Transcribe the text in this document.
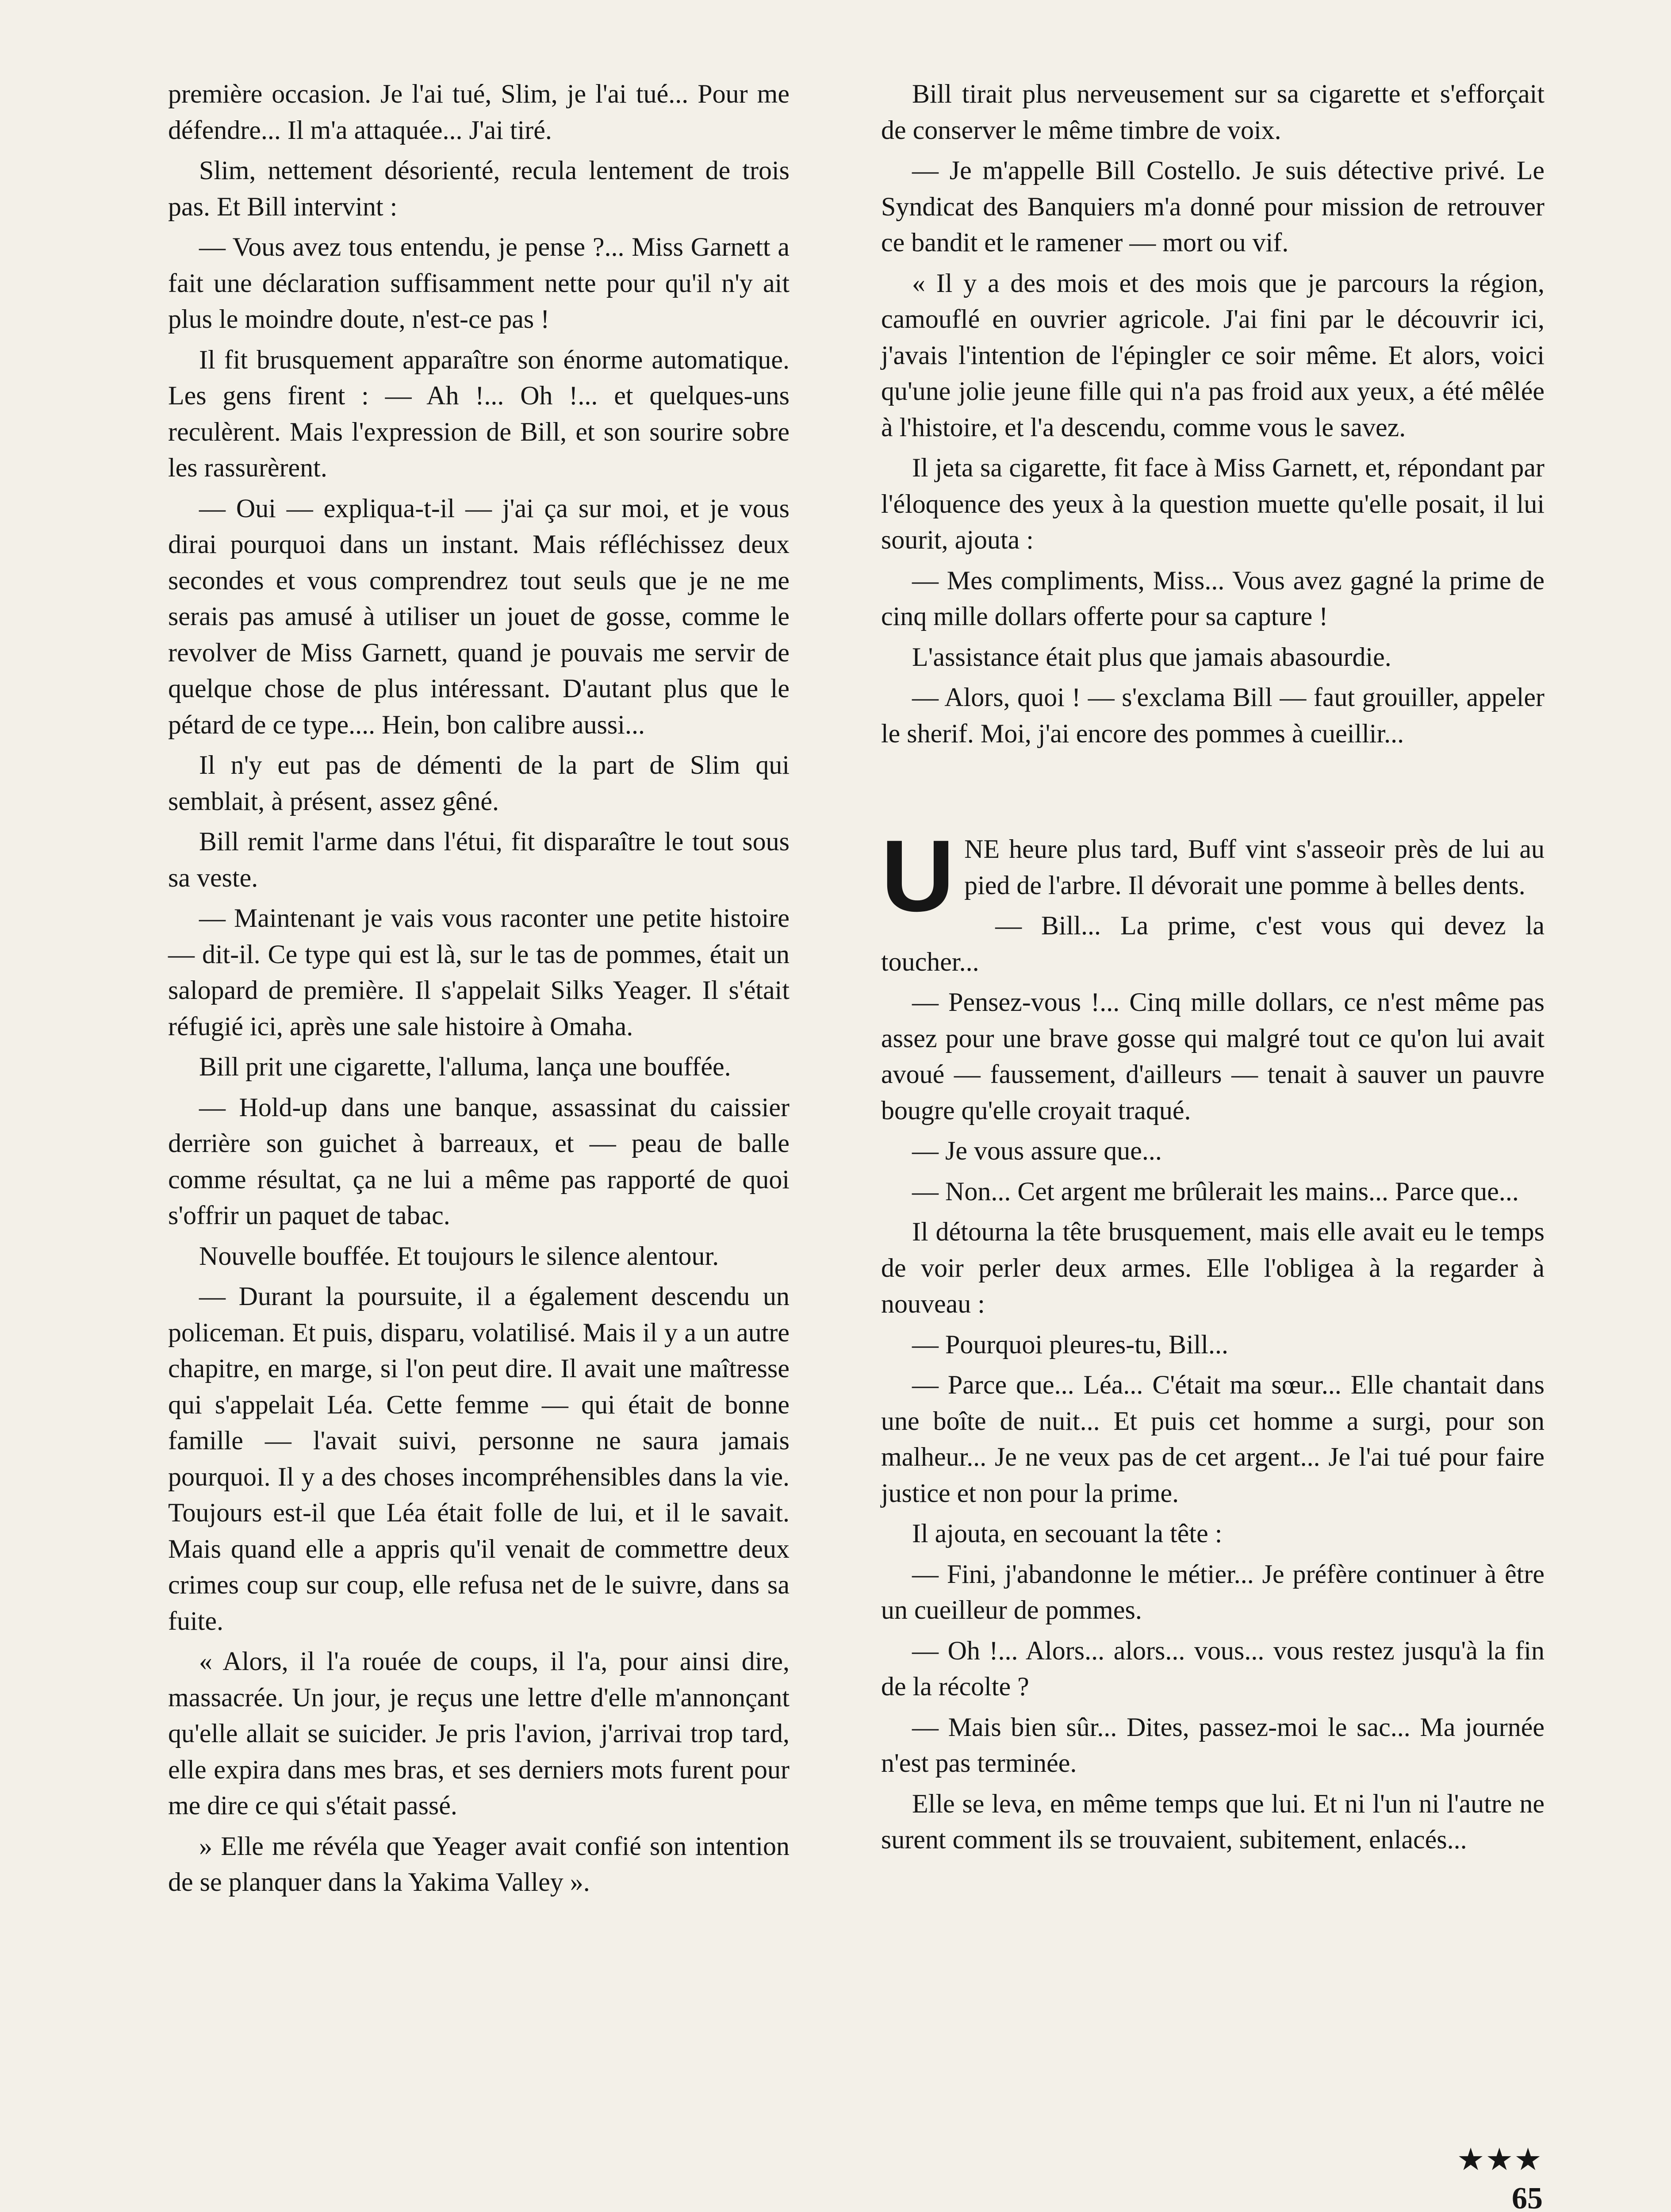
première occasion. Je l'ai tué, Slim, je l'ai tué... Pour me défendre... Il m'a attaquée... J'ai tiré.

Slim, nettement désorienté, recula lentement de trois pas. Et Bill intervint :

— Vous avez tous entendu, je pense ?... Miss Garnett a fait une déclaration suffisamment nette pour qu'il n'y ait plus le moindre doute, n'est-ce pas !

Il fit brusquement apparaître son énorme automatique. Les gens firent : — Ah !... Oh !... et quelques-uns reculèrent. Mais l'expression de Bill, et son sourire sobre les rassurèrent.

— Oui — expliqua-t-il — j'ai ça sur moi, et je vous dirai pourquoi dans un instant. Mais réfléchissez deux secondes et vous comprendrez tout seuls que je ne me serais pas amusé à utiliser un jouet de gosse, comme le revolver de Miss Garnett, quand je pouvais me servir de quelque chose de plus intéressant. D'autant plus que le pétard de ce type.... Hein, bon calibre aussi...

Il n'y eut pas de démenti de la part de Slim qui semblait, à présent, assez gêné.

Bill remit l'arme dans l'étui, fit disparaître le tout sous sa veste.

— Maintenant je vais vous raconter une petite histoire — dit-il. Ce type qui est là, sur le tas de pommes, était un salopard de première. Il s'appelait Silks Yeager. Il s'était réfugié ici, après une sale histoire à Omaha.

Bill prit une cigarette, l'alluma, lança une bouffée.

— Hold-up dans une banque, assassinat du caissier derrière son guichet à barreaux, et — peau de balle comme résultat, ça ne lui a même pas rapporté de quoi s'offrir un paquet de tabac.

Nouvelle bouffée. Et toujours le silence alentour.

— Durant la poursuite, il a également descendu un policeman. Et puis, disparu, volatilisé. Mais il y a un autre chapitre, en marge, si l'on peut dire. Il avait une maîtresse qui s'appelait Léa. Cette femme — qui était de bonne famille — l'avait suivi, personne ne saura jamais pourquoi. Il y a des choses incompréhensibles dans la vie. Toujours est-il que Léa était folle de lui, et il le savait. Mais quand elle a appris qu'il venait de commettre deux crimes coup sur coup, elle refusa net de le suivre, dans sa fuite.

« Alors, il l'a rouée de coups, il l'a, pour ainsi dire, massacrée. Un jour, je reçus une lettre d'elle m'annonçant qu'elle allait se suicider. Je pris l'avion, j'arrivai trop tard, elle expira dans mes bras, et ses derniers mots furent pour me dire ce qui s'était passé.

» Elle me révéla que Yeager avait confié son intention de se planquer dans la Yakima Valley ».

Bill tirait plus nerveusement sur sa cigarette et s'efforçait de conserver le même timbre de voix.

— Je m'appelle Bill Costello. Je suis détective privé. Le Syndicat des Banquiers m'a donné pour mission de retrouver ce bandit et le ramener — mort ou vif.

« Il y a des mois et des mois que je parcours la région, camouflé en ouvrier agricole. J'ai fini par le découvrir ici, j'avais l'intention de l'épingler ce soir même. Et alors, voici qu'une jolie jeune fille qui n'a pas froid aux yeux, a été mêlée à l'histoire, et l'a descendu, comme vous le savez.

Il jeta sa cigarette, fit face à Miss Garnett, et, répondant par l'éloquence des yeux à la question muette qu'elle posait, il lui sourit, ajouta :

— Mes compliments, Miss... Vous avez gagné la prime de cinq mille dollars offerte pour sa capture !

L'assistance était plus que jamais abasourdie.

— Alors, quoi ! — s'exclama Bill — faut grouiller, appeler le sherif. Moi, j'ai encore des pommes à cueillir...

UNE heure plus tard, Buff vint s'asseoir près de lui au pied de l'arbre. Il dévorait une pomme à belles dents.

— Bill... La prime, c'est vous qui devez la toucher...

— Pensez-vous !... Cinq mille dollars, ce n'est même pas assez pour une brave gosse qui malgré tout ce qu'on lui avait avoué — faussement, d'ailleurs — tenait à sauver un pauvre bougre qu'elle croyait traqué.

— Je vous assure que...

— Non... Cet argent me brûlerait les mains... Parce que...

Il détourna la tête brusquement, mais elle avait eu le temps de voir perler deux armes. Elle l'obligea à la regarder à nouveau :

— Pourquoi pleures-tu, Bill...

— Parce que... Léa... C'était ma sœur... Elle chantait dans une boîte de nuit... Et puis cet homme a surgi, pour son malheur... Je ne veux pas de cet argent... Je l'ai tué pour faire justice et non pour la prime.

Il ajouta, en secouant la tête :

— Fini, j'abandonne le métier... Je préfère continuer à être un cueilleur de pommes.

— Oh !... Alors... alors... vous... vous restez jusqu'à la fin de la récolte ?

— Mais bien sûr... Dites, passez-moi le sac... Ma journée n'est pas terminée.

Elle se leva, en même temps que lui. Et ni l'un ni l'autre ne surent comment ils se trouvaient, subitement, enlacés...

★★★
65
